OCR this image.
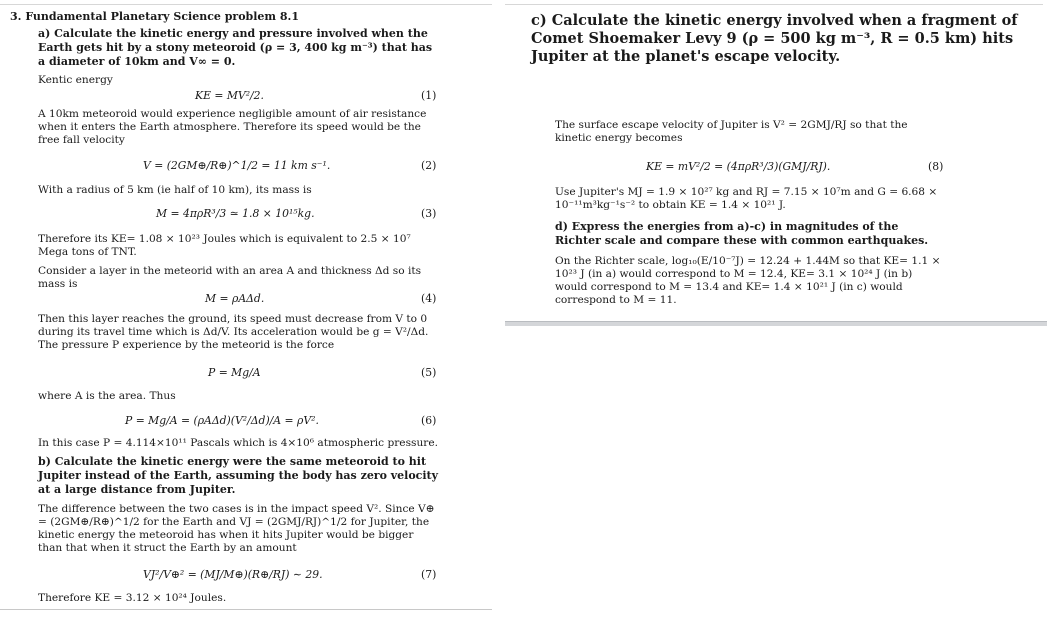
3. Fundamental Planetary Science problem 8.1

a) Calculate the kinetic energy and pressure involved when the Earth gets hit by a stony meteoroid (ρ = 3, 400 kg m⁻³) that has a diameter of 10km and V∞ = 0.

Kentic energy

KE = MV²/2.	(1)

A 10km meteoroid would experience negligible amount of air resistance when it enters the Earth atmosphere. Therefore its speed would be the free fall velocity

V = (2GM⊕/R⊕)^1/2 = 11 km s⁻¹.	(2)

With a radius of 5 km (ie half of 10 km), its mass is

M = 4πρR³/3 ≃ 1.8 × 10¹⁵kg.	(3)

Therefore its KE= 1.08 × 10²³ Joules which is equivalent to 2.5 × 10⁷ Mega tons of TNT.

Consider a layer in the meteorid with an area A and thickness Δd so its mass is

M = ρAΔd.	(4)

Then this layer reaches the ground, its speed must decrease from V to 0 during its travel time which is Δd/V. Its acceleration would be g = V²/Δd. The pressure P experience by the meteorid is the force

P = Mg/A	(5)

where A is the area. Thus

P = Mg/A = (ρAΔd)(V²/Δd)/A = ρV².	(6)

In this case P = 4.114×10¹¹ Pascals which is 4×10⁶ atmospheric pressure.

b) Calculate the kinetic energy were the same meteoroid to hit Jupiter instead of the Earth, assuming the body has zero velocity at a large distance from Jupiter.

The difference between the two cases is in the impact speed V². Since V⊕ = (2GM⊕/R⊕)^1/2 for the Earth and VJ = (2GMJ/RJ)^1/2 for Jupiter, the kinetic energy the meteoroid has when it hits Jupiter would be bigger than that when it struct the Earth by an amount

VJ²/V⊕² = (MJ/M⊕)(R⊕/RJ) ∼ 29.	(7)

Therefore KE = 3.12 × 10²⁴ Joules.

c) Calculate the kinetic energy involved when a fragment of Comet Shoemaker Levy 9 (ρ = 500 kg m⁻³, R = 0.5 km) hits Jupiter at the planet's escape velocity.

The surface escape velocity of Jupiter is V² = 2GMJ/RJ so that the kinetic energy becomes

KE = mV²/2 = (4πρR³/3)(GMJ/RJ).	(8)

Use Jupiter's MJ = 1.9 × 10²⁷ kg and RJ = 7.15 × 10⁷m and G = 6.68 × 10⁻¹¹m³kg⁻¹s⁻² to obtain KE = 1.4 × 10²¹ J.

d) Express the energies from a)-c) in magnitudes of the Richter scale and compare these with common earthquakes.

On the Richter scale, log₁₀(E/10⁻⁷J) = 12.24 + 1.44M so that KE= 1.1 × 10²³ J (in a) would correspond to M = 12.4, KE= 3.1 × 10²⁴ J (in b) would correspond to M = 13.4 and KE= 1.4 × 10²¹ J (in c) would correspond to M = 11.
